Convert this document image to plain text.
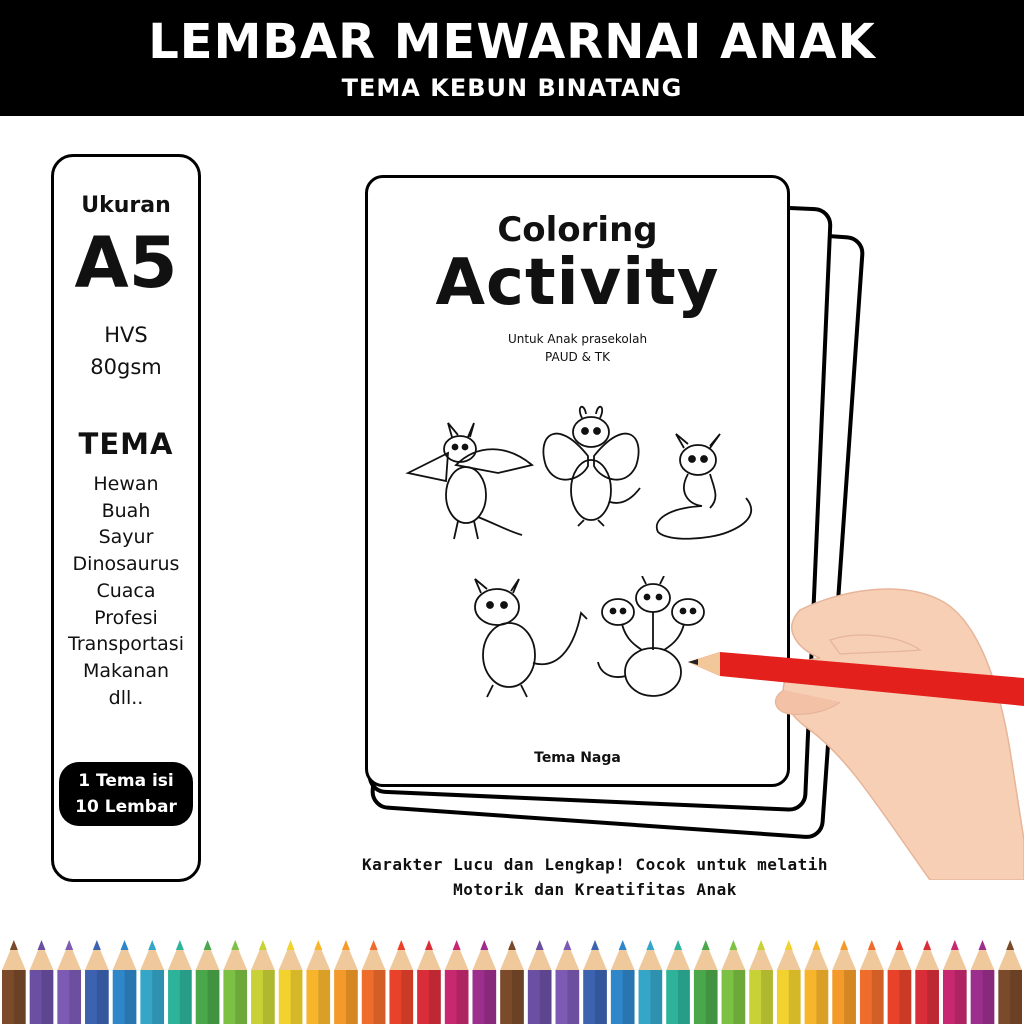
LEMBAR MEWARNAI ANAK
TEMA KEBUN BINATANG
Ukuran
A5
HVS
80gsm
TEMA
Hewan
Buah
Sayur
Dinosaurus
Cuaca
Profesi
Transportasi
Makanan
dll..
1 Tema isi
10 Lembar
Coloring
Activity
Untuk Anak prasekolah
PAUD & TK
Tema Naga
Karakter Lucu dan Lengkap! Cocok untuk melatih
Motorik dan Kreatifitas Anak
